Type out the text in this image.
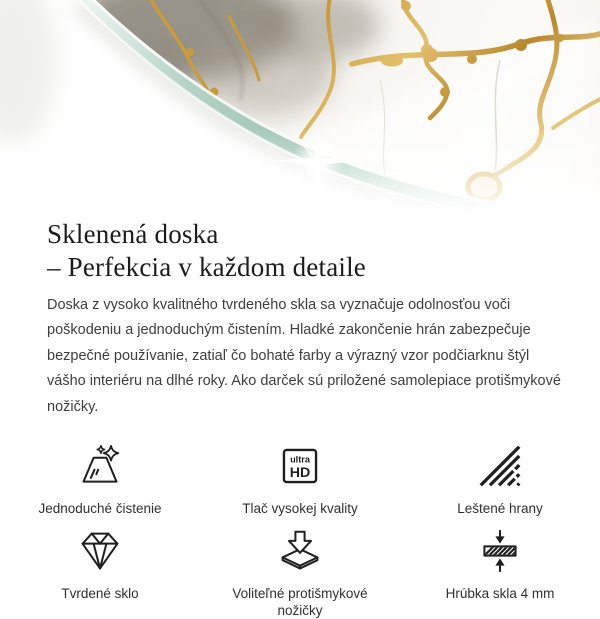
Sklenená doska
– Perfekcia v každom detaile

Doska z vysoko kvalitného tvrdeného skla sa vyznačuje odolnosťou voči poškodeniu a jednoduchým čistením. Hladké zakončenie hrán zabezpečuje bezpečné používanie, zatiaľ čo bohaté farby a výrazný vzor podčiarknu štýl vášho interiéru na dlhé roky. Ako darček sú priložené samolepiace protišmykové nožičky.

Jednoduché čistenie
ultra
HD
Tlač vysokej kvality	Leštené hrany
Tvrdené sklo	Voliteľné protišmykové nožičky
Hrúbka skla 4 mm
